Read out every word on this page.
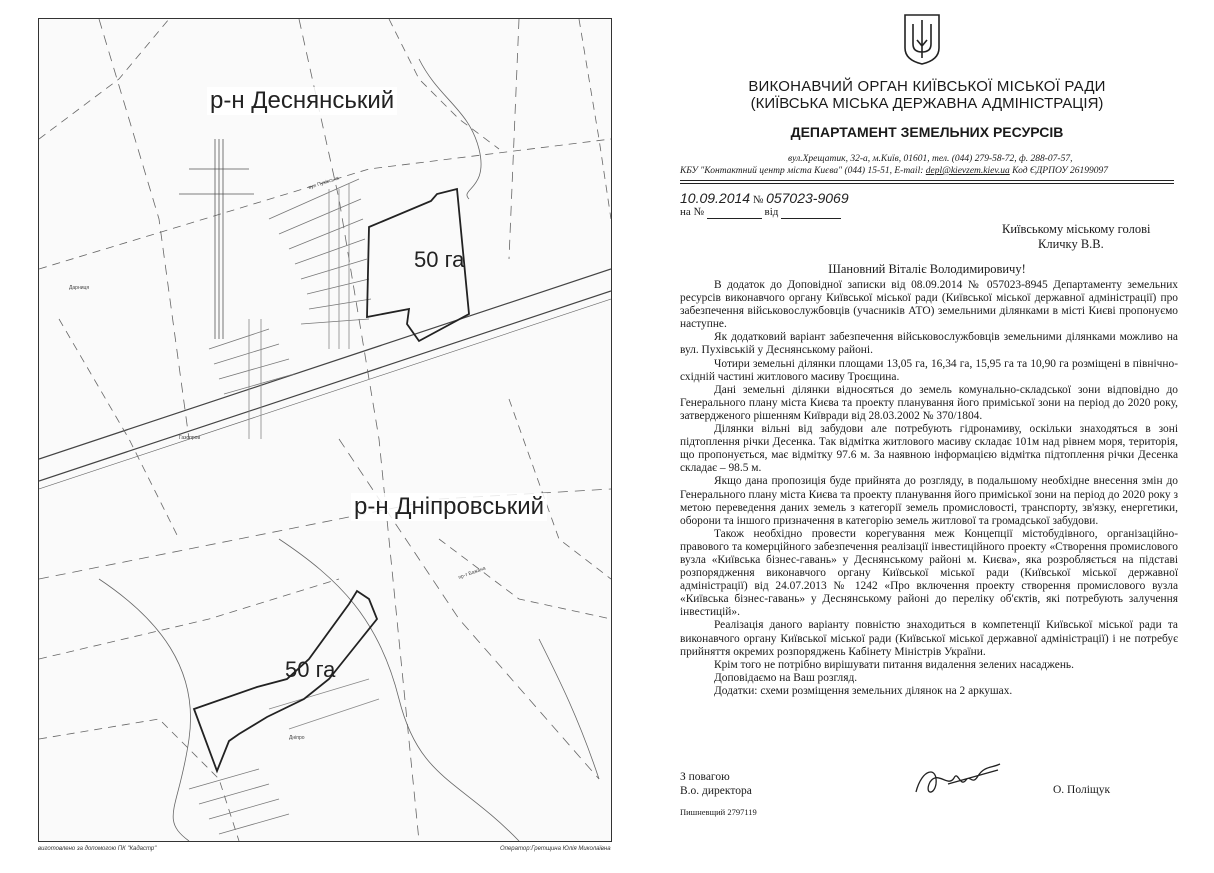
вул Пухівська
Дарниця
Газопров
пр-т Бажана
Дніпро
р-н Деснянський
р-н Дніпровський
50 га
50 га
виготовлено за допомогою ПК "Кадастр"	Оператор:Гретщина Юлія Миколаївна
ВИКОНАВЧИЙ ОРГАН КИЇВСЬКОЇ МІСЬКОЇ РАДИ
(КИЇВСЬКА МІСЬКА ДЕРЖАВНА АДМІНІСТРАЦІЯ)
ДЕПАРТАМЕНТ ЗЕМЕЛЬНИХ РЕСУРСІВ
вул.Хрещатик, 32-а, м.Київ, 01601, тел. (044) 279-58-72, ф. 288-07-57,
КБУ "Контактний центр міста Києва" (044) 15-51, E-mail: depl@kievzem.kiev.ua Код ЄДРПОУ 26199097
10.09.2014 № 057023-9069
на №	від
Київському міському голові
Кличку В.В.
Шановний Віталіє Володимировичу!

В додаток до Доповідної записки від 08.09.2014 № 057023-8945 Департаменту земельних ресурсів виконавчого органу Київської міської ради (Київської міської державної адміністрації) про забезпечення військовослужбовців (учасників АТО) земельними ділянками в місті Києві пропонуємо наступне.

Як додатковий варіант забезпечення військовослужбовців земельними ділянками можливо на вул. Пухівській у Деснянському районі.

Чотири земельні ділянки площами 13,05 га, 16,34 га, 15,95 га та 10,90 га розміщені в північно-східній частині житлового масиву Троєщина.

Дані земельні ділянки відносяться до земель комунально-складської зони відповідно до Генерального плану міста Києва та проекту планування його приміської зони на період до 2020 року, затвердженого рішенням Київради від 28.03.2002 № 370/1804.

Ділянки вільні від забудови але потребують гідронамиву, оскільки знаходяться в зоні підтоплення річки Десенка. Так відмітка житлового масиву складає 101м над рівнем моря, територія, що пропонується, має відмітку 97.6 м. За наявною інформацією відмітка підтоплення річки Десенка складає – 98.5 м.

Якщо дана пропозиція буде прийнята до розгляду, в подальшому необхідне внесення змін до Генерального плану міста Києва та проекту планування його приміської зони на період до 2020 року з метою переведення даних земель з категорії земель промисловості, транспорту, зв'язку, енергетики, оборони та іншого призначення в категорію земель житлової та громадської забудови.

Також необхідно провести корегування меж Концепції містобудівного, організаційно-правового та комерційного забезпечення реалізації інвестиційного проекту «Створення промислового вузла «Київська бізнес-гавань» у Деснянському районі м. Києва», яка розробляється на підставі розпорядження виконавчого органу Київської міської ради (Київської міської державної адміністрації) від 24.07.2013 № 1242 «Про включення проекту створення промислового вузла «Київська бізнес-гавань» у Деснянському районі до переліку об'єктів, які потребують залучення інвестицій».

Реалізація даного варіанту повністю знаходиться в компетенції Київської міської ради та виконавчого органу Київської міської ради (Київської міської державної адміністрації) і не потребує прийняття окремих розпоряджень Кабінету Міністрів України.

Крім того не потрібно вирішувати питання видалення зелених насаджень.

Доповідаємо на Ваш розгляд.

Додатки: схеми розміщення земельних ділянок на 2 аркушах.

З повагою
В.о. директора	О. Поліщук
Пишневщий 2797119
